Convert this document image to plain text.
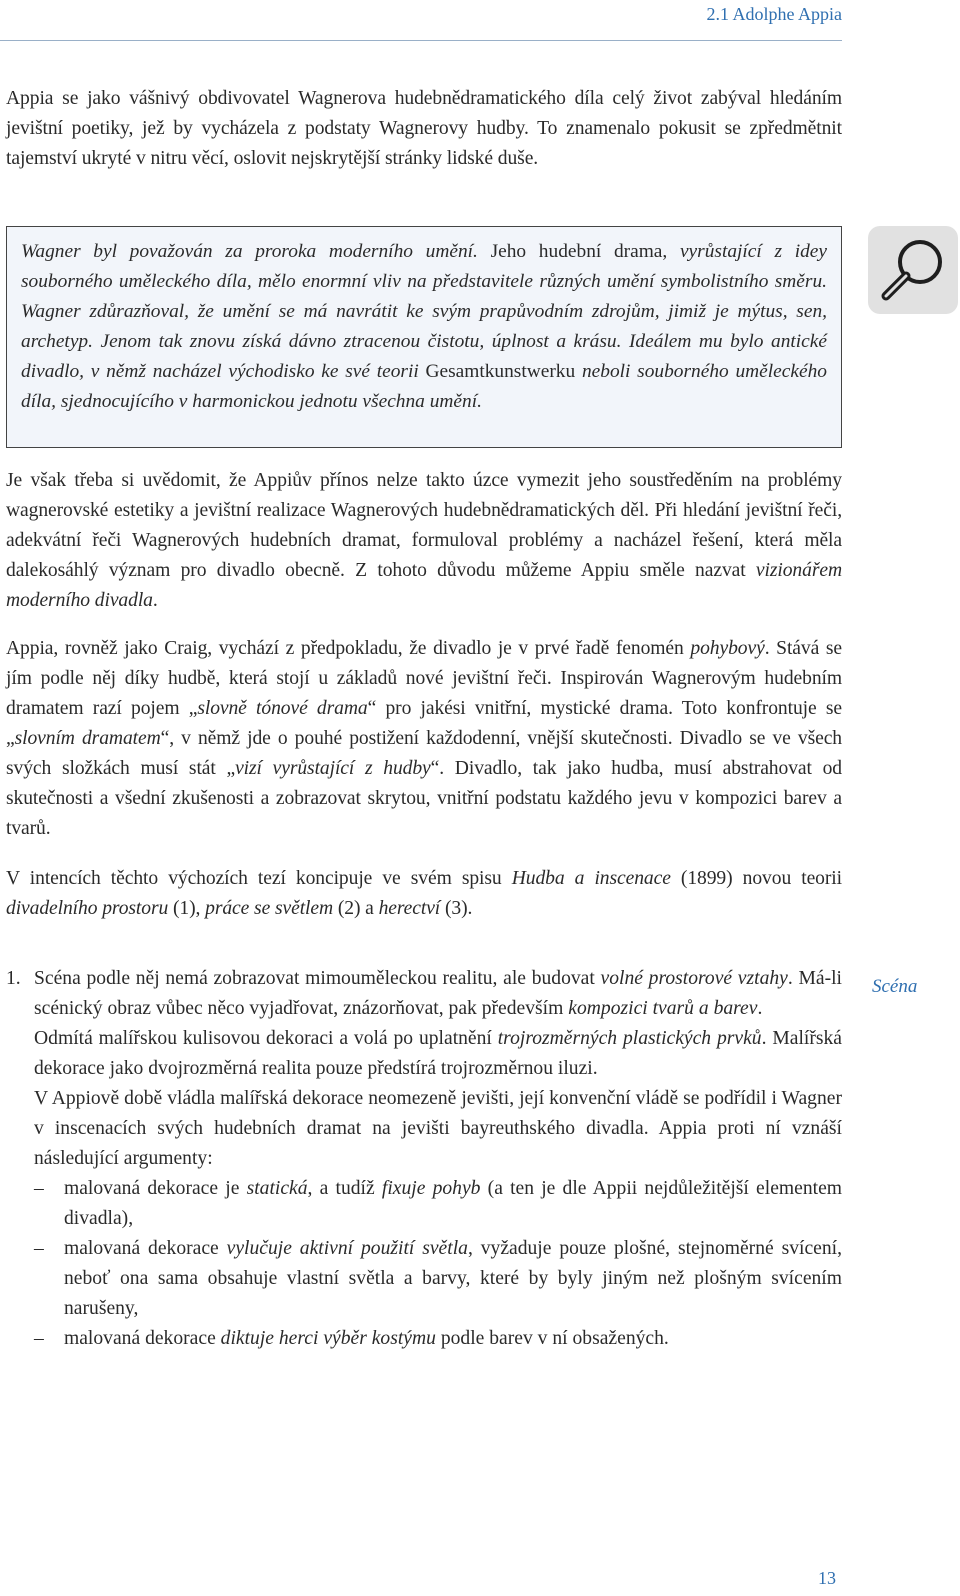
2.1 Adolphe Appia

Appia se jako vášnivý obdivovatel Wagnerova hudebnědramatického díla celý život zabýval hledáním jevištní poetiky, jež by vycházela z podstaty Wagnerovy hudby. To znamenalo pokusit se zpředmětnit tajemství ukryté v nitru věcí, oslovit nejskrytější stránky lidské duše.

Wagner byl považován za proroka moderního umění. Jeho hudební drama, vyrůstající z idey souborného uměleckého díla, mělo enormní vliv na představitele různých umění symbolistního směru. Wagner zdůrazňoval, že umění se má navrátit ke svým prapůvodním zdrojům, jimiž je mýtus, sen, archetyp. Jenom tak znovu získá dávno ztracenou čistotu, úplnost a krásu. Ideálem mu bylo antické divadlo, v němž nacházel východisko ke své teorii Gesamtkunstwerku neboli souborného uměleckého díla, sjednocujícího v harmonickou jednotu všechna umění.

Je však třeba si uvědomit, že Appiův přínos nelze takto úzce vymezit jeho soustředěním na problémy wagnerovské estetiky a jevištní realizace Wagnerových hudebnědramatických děl. Při hledání jevištní řeči, adekvátní řeči Wagnerových hudebních dramat, formuloval problémy a nacházel řešení, která měla dalekosáhlý význam pro divadlo obecně. Z tohoto důvodu můžeme Appiu směle nazvat vizionářem moderního divadla.

Appia, rovněž jako Craig, vychází z předpokladu, že divadlo je v prvé řadě fenomén pohybový. Stává se jím podle něj díky hudbě, která stojí u základů nové jevištní řeči. Inspirován Wagnerovým hudebním dramatem razí pojem „slovně tónové drama“ pro jakési vnitřní, mystické drama. Toto konfrontuje se „slovním dramatem“, v němž jde o pouhé postižení každodenní, vnější skutečnosti. Divadlo se ve všech svých složkách musí stát „vizí vyrůstající z hudby“. Divadlo, tak jako hudba, musí abstrahovat od skutečnosti a všední zkušenosti a zobrazovat skrytou, vnitřní podstatu každého jevu v kompozici barev a tvarů.

V intencích těchto výchozích tezí koncipuje ve svém spisu Hudba a inscenace (1899) novou teorii divadelního prostoru (1), práce se světlem (2) a herectví (3).

Scéna
1. Scéna podle něj nemá zobrazovat mimouměleckou realitu, ale budovat volné prostorové vztahy. Má-li scénický obraz vůbec něco vyjadřovat, znázorňovat, pak především kompozici tvarů a barev.

Odmítá malířskou kulisovou dekoraci a volá po uplatnění trojrozměrných plastických prvků. Malířská dekorace jako dvojrozměrná realita pouze předstírá trojrozměrnou iluzi.

V Appiově době vládla malířská dekorace neomezeně jevišti, její konvenční vládě se podřídil i Wagner v inscenacích svých hudebních dramat na jevišti bayreuthského divadla. Appia proti ní vznáší následující argumenty:

– malovaná dekorace je statická, a tudíž fixuje pohyb (a ten je dle Appii nejdůležitější elementem divadla),
– malovaná dekorace vylučuje aktivní použití světla, vyžaduje pouze plošné, stejnoměrné svícení, neboť ona sama obsahuje vlastní světla a barvy, které by byly jiným než plošným svícením narušeny,
– malovaná dekorace diktuje herci výběr kostýmu podle barev v ní obsažených.
13
